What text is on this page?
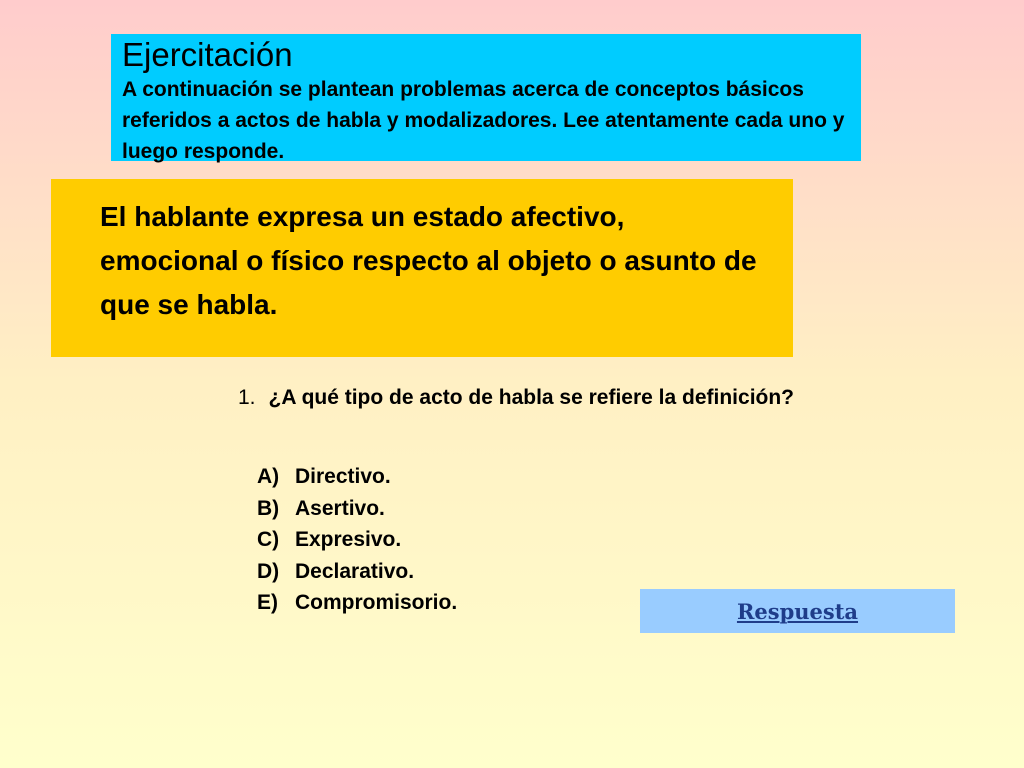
Ejercitación

A continuación se plantean problemas acerca de conceptos básicos referidos a actos de habla y modalizadores. Lee atentamente cada uno y luego responde.

El hablante expresa un estado afectivo, emocional o físico respecto al objeto o asunto de que se habla.

1. ¿A qué tipo de acto de habla se refiere la definición?
A) Directivo.
B) Asertivo.
C) Expresivo.
D) Declarativo.
E) Compromisorio.	Respuesta
